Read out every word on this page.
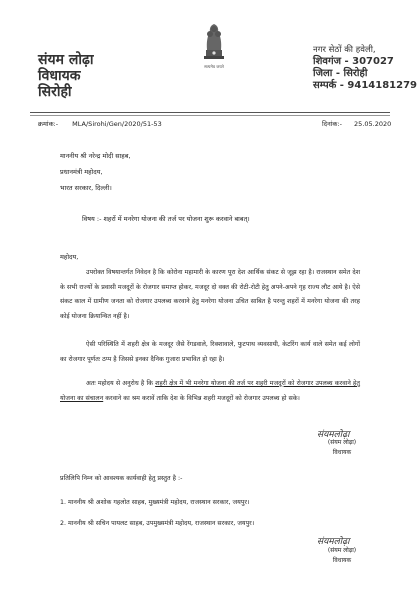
संयम लोढ़ा
विधायक
सिरोही
सत्यमेव जयते
नगर सेठों की हवेली,
शिवगंज - 307027
जिला - सिरोही
सम्पर्क - 9414181279
क्रमांक:- MLA/Sirohi/Gen/2020/51-53	दिनांक:- 25.05.2020
माननीय श्री नरेन्द्र मोदी साहब,
प्रधानमंत्री महोदय,
भारत सरकार, दिल्ली।
विषय :- शहरों में मनरेगा योजना की तर्ज पर योजना शुरू करवाने बाबत्।
महोदय,
उपरोक्त विषयान्तर्गत निवेदन है कि कोरोना महामारी के कारण पूरा देश आर्थिक संकट से जूझ रहा है। राजस्थान समेत देश के सभी राज्यों के प्रवासी मजदूरों के रोजगार समाप्त होकर, मजदूर दो वक्त की रोटी-रोटी हेतु अपने-अपने गृह राज्य लौट आये है। ऐसे संकट काल में ग्रामीण जनता को रोजगार उपलब्ध करवाने हेतु मनरेगा योजना उचित साबित है परन्तु शहरों में मनरेगा योजना की तरह कोई योजना क्रियान्वित नहीं है।
ऐसी परिस्थिति में शहरी क्षेत्र के मजदूर जैसे रेंगडवाले, रिक्शावाले, फुटपाथ व्यवसायी, केटरिंग कार्य वाले समेत कई लोगों का रोजगार पूर्णतः ठप्प है जिससे इनका दैनिक गुजारा प्रभावित हो रहा है।
अतः महोदय से अनुरोध है कि शहरी क्षेत्र में भी मनरेगा योजना की तर्ज पर शहरी मजदूरों को रोजगार उपलब्ध करवाने हेतु योजना का संचालन करवाने का श्रम करावें ताकि देश के विभिन्न शहरी मजदूरों को रोजगार उपलब्ध हो सके।
संयमलोढ़ा
(संयम लोढ़ा)
विधायक
प्रतिलिपि निम्न को आवश्यक कार्यवाही हेतु प्रस्तुत है :-
1. माननीय श्री अशोक गहलोत साहब, मुख्यमंत्री महोदय, राजस्थान सरकार, जयपुर।
2. माननीय श्री सचिन पायलट साहब, उपमुख्यमंत्री महोदय, राजस्थान सरकार, जयपुर।
संयमलोढ़ा
(संयम लोढ़ा)
विधायक
